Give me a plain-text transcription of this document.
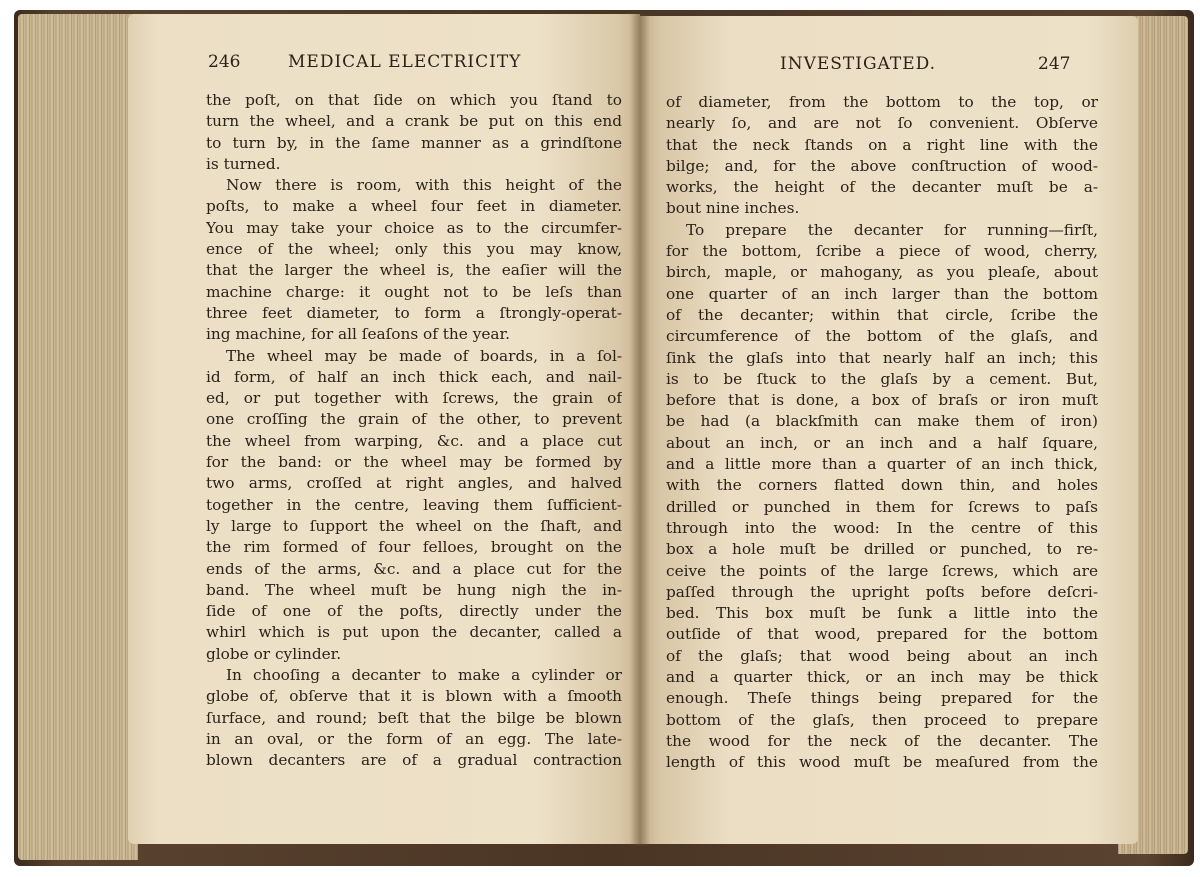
246	MEDICAL ELECTRICITY
the poſt, on that ſide on which you ſtand to
turn the wheel, and a crank be put on this end
to turn by, in the ſame manner as a grindſtone
is turned.
Now there is room, with this height of the
poſts, to make a wheel four feet in diameter.
You may take your choice as to the circumfer-
ence of the wheel; only this you may know,
that the larger the wheel is, the eaſier will the
machine charge: it ought not to be leſs than
three feet diameter, to form a ſtrongly-operat-
ing machine, for all ſeaſons of the year.
The wheel may be made of boards, in a ſol-
id form, of half an inch thick each, and nail-
ed, or put together with ſcrews, the grain of
one croſſing the grain of the other, to prevent
the wheel from warping, &c. and a place cut
for the band: or the wheel may be formed by
two arms, croſſed at right angles, and halved
together in the centre, leaving them ſufficient-
ly large to ſupport the wheel on the ſhaft, and
the rim formed of four felloes, brought on the
ends of the arms, &c. and a place cut for the
band. The wheel muſt be hung nigh the in-
ſide of one of the poſts, directly under the
whirl which is put upon the decanter, called a
globe or cylinder.
In chooſing a decanter to make a cylinder or
globe of, obſerve that it is blown with a ſmooth
ſurface, and round; beſt that the bilge be blown
in an oval, or the form of an egg. The late-
blown decanters are of a gradual contraction
INVESTIGATED.	247
of diameter, from the bottom to the top, or
nearly ſo, and are not ſo convenient. Obſerve
that the neck ſtands on a right line with the
bilge; and, for the above conſtruction of wood-
works, the height of the decanter muſt be a-
bout nine inches.
To prepare the decanter for running—firſt,
for the bottom, ſcribe a piece of wood, cherry,
birch, maple, or mahogany, as you pleaſe, about
one quarter of an inch larger than the bottom
of the decanter; within that circle, ſcribe the
circumference of the bottom of the glaſs, and
ſink the glaſs into that nearly half an inch; this
is to be ſtuck to the glaſs by a cement. But,
before that is done, a box of braſs or iron muſt
be had (a blackſmith can make them of iron)
about an inch, or an inch and a half ſquare,
and a little more than a quarter of an inch thick,
with the corners flatted down thin, and holes
drilled or punched in them for ſcrews to paſs
through into the wood: In the centre of this
box a hole muſt be drilled or punched, to re-
ceive the points of the large ſcrews, which are
paſſed through the upright poſts before deſcri-
bed. This box muſt be ſunk a little into the
outſide of that wood, prepared for the bottom
of the glaſs; that wood being about an inch
and a quarter thick, or an inch may be thick
enough. Theſe things being prepared for the
bottom of the glaſs, then proceed to prepare
the wood for the neck of the decanter. The
length of this wood muſt be meaſured from the
